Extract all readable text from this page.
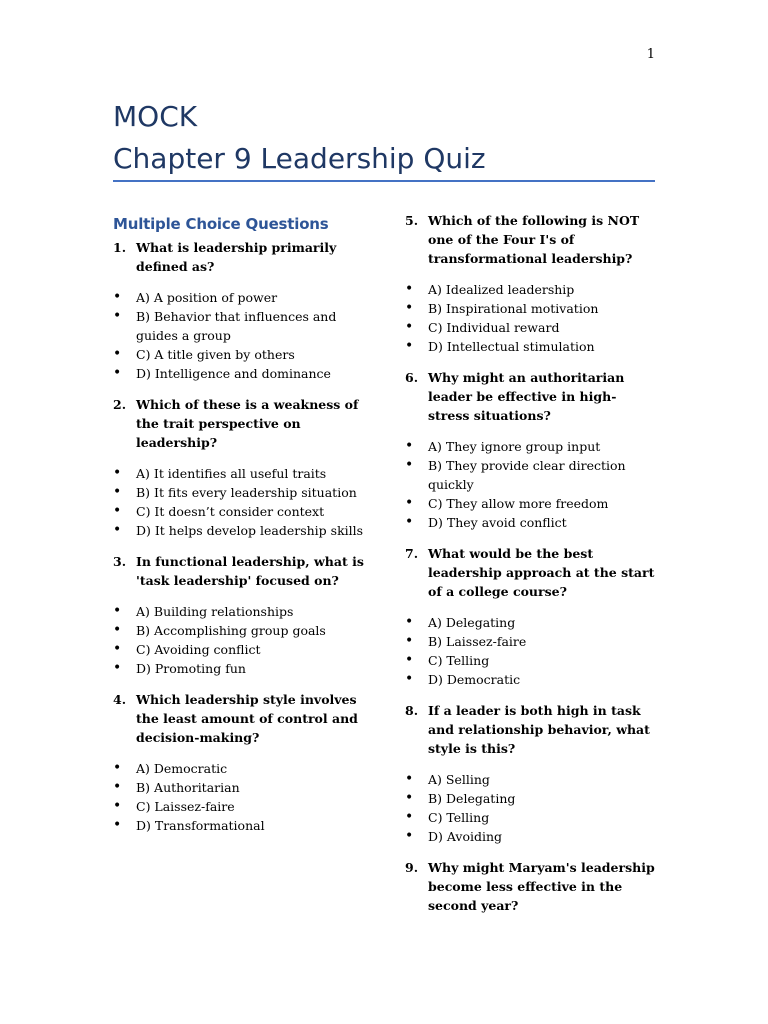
1
MOCK
Chapter 9 Leadership Quiz
Multiple Choice Questions
1. What is leadership primarily defined as?
•	A) A position of power
•	B) Behavior that influences and guides a group
•	C) A title given by others
•	D) Intelligence and dominance
2. Which of these is a weakness of the trait perspective on leadership?
•	A) It identifies all useful traits
•	B) It fits every leadership situation
•	C) It doesn’t consider context
•	D) It helps develop leadership skills
3. In functional leadership, what is 'task leadership' focused on?
•	A) Building relationships
•	B) Accomplishing group goals
•	C) Avoiding conflict
•	D) Promoting fun
4. Which leadership style involves the least amount of control and decision-making?
•	A) Democratic
•	B) Authoritarian
•	C) Laissez-faire
•	D) Transformational
5. Which of the following is NOT one of the Four I's of transformational leadership?
•	A) Idealized leadership
•	B) Inspirational motivation
•	C) Individual reward
•	D) Intellectual stimulation
6. Why might an authoritarian leader be effective in high-stress situations?
•	A) They ignore group input
•	B) They provide clear direction quickly
•	C) They allow more freedom
•	D) They avoid conflict
7. What would be the best leadership approach at the start of a college course?
•	A) Delegating
•	B) Laissez-faire
•	C) Telling
•	D) Democratic
8. If a leader is both high in task and relationship behavior, what style is this?
•	A) Selling
•	B) Delegating
•	C) Telling
•	D) Avoiding
9. Why might Maryam's leadership become less effective in the second year?
